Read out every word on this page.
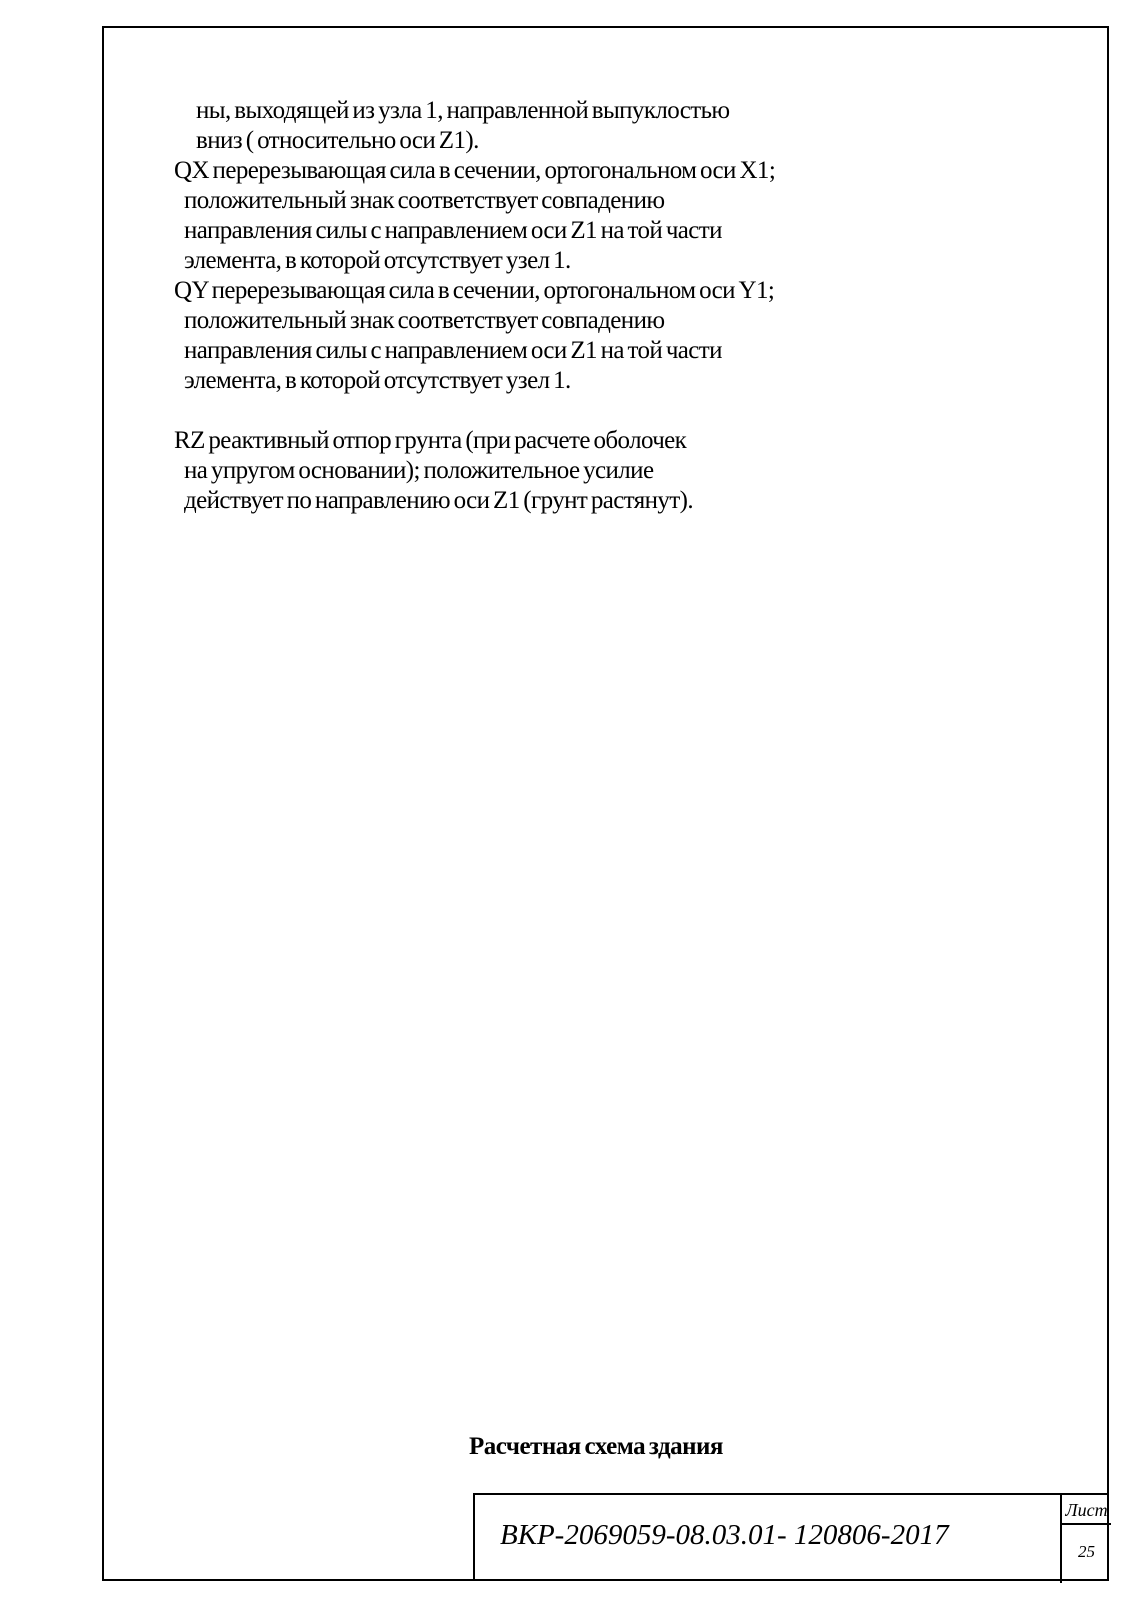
ны, выходящей из узла 1, направленной выпуклостью
вниз ( относительно оси Z1).
QX перерезывающая сила в сечении, ортогональном оси X1;
положительный знак соответствует совпадению
направления силы с направлением оси Z1 на той части
элемента, в которой отсутствует узел 1.
QY перерезывающая сила в сечении, ортогональном оси Y1;
положительный знак соответствует совпадению
направления силы с направлением оси Z1 на той части
элемента, в которой отсутствует узел 1.
RZ реактивный отпор грунта (при расчете оболочек
на упругом основании); положительное усилие
действует по направлению оси Z1 (грунт растянут).
Расчетная схема здания
ВКР-2069059-08.03.01- 120806-2017
Лист
25
